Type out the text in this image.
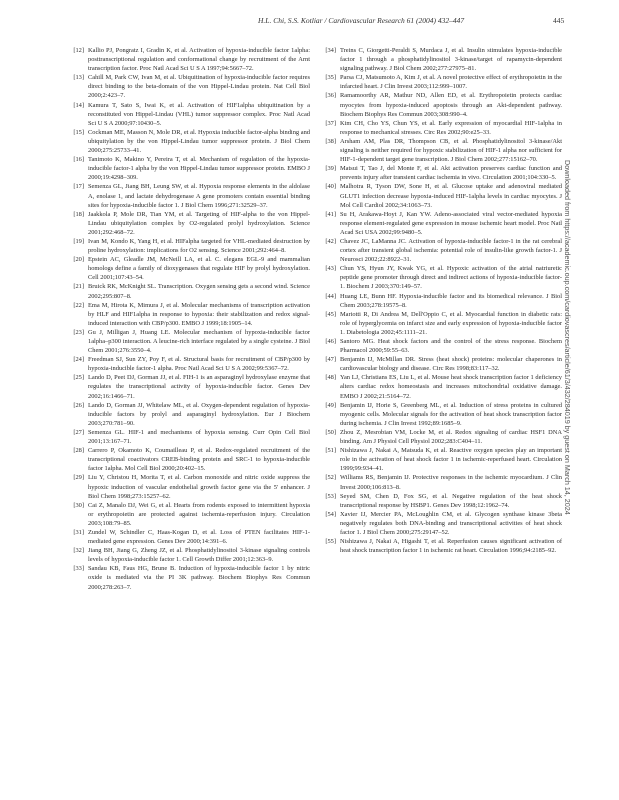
H.L. Chi, S.S. Kotliar / Cardiovascular Research 61 (2004) 432–447	445
[12] Kallio PJ, Pongratz I, Gradin K, et al. Activation of hypoxia-inducible factor 1alpha: posttranscriptional regulation and conformational change by recruitment of the Arnt transcription factor. Proc Natl Acad Sci U S A 1997;94:5667–72.
[13] Cahill M, Park CW, Ivan M, et al. Ubiquitination of hypoxia-inducible factor requires direct binding to the beta-domain of the von Hippel-Lindau protein. Nat Cell Biol 2000;2:423–7.
[14] Kamura T, Sato S, Iwai K, et al. Activation of HIF1alpha ubiquitination by a reconstituted von Hippel-Lindau (VHL) tumor suppressor complex. Proc Natl Acad Sci U S A 2000;97:10430–5.
[15] Cockman ME, Masson N, Mole DR, et al. Hypoxia inducible factor-alpha binding and ubiquitylation by the von Hippel-Lindau tumor suppressor protein. J Biol Chem 2000;275:25733–41.
[16] Tanimoto K, Makino Y, Pereira T, et al. Mechanism of regulation of the hypoxia-inducible factor-1 alpha by the von Hippel-Lindau tumor suppressor protein. EMBO J 2000;19:4298–309.
[17] Semenza GL, Jiang BH, Leung SW, et al. Hypoxia response elements in the aldolase A, enolase 1, and lactate dehydrogenase A gene promoters contain essential binding sites for hypoxia-inducible factor 1. J Biol Chem 1996;271:32529–37.
[18] Jaakkola P, Mole DR, Tian YM, et al. Targeting of HIF-alpha to the von Hippel-Lindau ubiquitylation complex by O2-regulated prolyl hydroxylation. Science 2001;292:468–72.
[19] Ivan M, Kondo K, Yang H, et al. HIFalpha targeted for VHL-mediated destruction by proline hydroxylation: implications for O2 sensing. Science 2001;292:464–8.
[20] Epstein AC, Gleadle JM, McNeill LA, et al. C. elegans EGL-9 and mammalian homologs define a family of dioxygenases that regulate HIF by prolyl hydroxylation. Cell 2001;107:43–54.
[21] Bruick RK, McKnight SL. Transcription. Oxygen sensing gets a second wind. Science 2002;295:807–8.
[22] Ema M, Hirota K, Mimura J, et al. Molecular mechanisms of transcription activation by HLF and HIF1alpha in response to hypoxia: their stabilization and redox signal-induced interaction with CBP/p300. EMBO J 1999;18:1905–14.
[23] Gu J, Milligan J, Huang LE. Molecular mechanism of hypoxia-inducible factor 1alpha–p300 interaction. A leucine-rich interface regulated by a single cysteine. J Biol Chem 2001;276:3550–4.
[24] Freedman SJ, Sun ZY, Poy F, et al. Structural basis for recruitment of CBP/p300 by hypoxia-inducible factor-1 alpha. Proc Natl Acad Sci U S A 2002;99:5367–72.
[25] Lando D, Peet DJ, Gorman JJ, et al. FIH-1 is an asparaginyl hydroxylase enzyme that regulates the transcriptional activity of hypoxia-inducible factor. Genes Dev 2002;16:1466–71.
[26] Lando D, Gorman JJ, Whitelaw ML, et al. Oxygen-dependent regulation of hypoxia-inducible factors by prolyl and asparaginyl hydroxylation. Eur J Biochem 2003;270:781–90.
[27] Semenza GL. HIF-1 and mechanisms of hypoxia sensing. Curr Opin Cell Biol 2001;13:167–71.
[28] Carrero P, Okamoto K, Coumailleau P, et al. Redox-regulated recruitment of the transcriptional coactivators CREB-binding protein and SRC-1 to hypoxia-inducible factor 1alpha. Mol Cell Biol 2000;20:402–15.
[29] Liu Y, Christou H, Morita T, et al. Carbon monoxide and nitric oxide suppress the hypoxic induction of vascular endothelial growth factor gene via the 5' enhancer. J Biol Chem 1998;273:15257–62.
[30] Cai Z, Manalo DJ, Wei G, et al. Hearts from rodents exposed to intermittent hypoxia or erythropoietin are protected against ischemia-reperfusion injury. Circulation 2003;108:79–85.
[31] Zundel W, Schindler C, Haas-Kogan D, et al. Loss of PTEN facilitates HIF-1-mediated gene expression. Genes Dev 2000;14:391–6.
[32] Jiang BH, Jiang G, Zheng JZ, et al. Phosphatidylinositol 3-kinase signaling controls levels of hypoxia-inducible factor 1. Cell Growth Differ 2001;12:363–9.
[33] Sandau KB, Faus HG, Brune B. Induction of hypoxia-inducible factor 1 by nitric oxide is mediated via the PI 3K pathway. Biochem Biophys Res Commun 2000;278:263–7.
[34] Treins C, Giorgetti-Peraldi S, Murdaca J, et al. Insulin stimulates hypoxia-inducible factor 1 through a phosphatidylinositol 3-kinase/target of rapamycin-dependent signaling pathway. J Biol Chem 2002;277:27975–81.
[35] Parsa CJ, Matsumoto A, Kim J, et al. A novel protective effect of erythropoietin in the infarcted heart. J Clin Invest 2003;112:999–1007.
[36] Ramamoorthy AR, Mathur ND, Allen ED, et al. Erythropoietin protects cardiac myocytes from hypoxia-induced apoptosis through an Akt-dependent pathway. Biochem Biophys Res Commun 2003;308:990–4.
[37] Kim CH, Cho YS, Chun YS, et al. Early expression of myocardial HIF-1alpha in response to mechanical stresses. Circ Res 2002;90:e25–33.
[38] Arsham AM, Plas DR, Thompson CB, et al. Phosphatidylinositol 3-kinase/Akt signaling is neither required for hypoxic stabilization of HIF-1 alpha nor sufficient for HIF-1-dependent target gene transcription. J Biol Chem 2002;277:15162–70.
[39] Matsui T, Tao J, del Monte F, et al. Akt activation preserves cardiac function and prevents injury after transient cardiac ischemia in vivo. Circulation 2001;104:330–5.
[40] Malhotra R, Tyson DW, Sone H, et al. Glucose uptake and adenoviral mediated GLUT1 infection decrease hypoxia-induced HIF-1alpha levels in cardiac myocytes. J Mol Cell Cardiol 2002;34:1063–73.
[41] Su H, Arakawa-Hoyt J, Kan YW. Adeno-associated viral vector-mediated hypoxia response element-regulated gene expression in mouse ischemic heart model. Proc Natl Acad Sci USA 2002;99:9480–5.
[42] Chavez JC, LaManna JC. Activation of hypoxia-inducible factor-1 in the rat cerebral cortex after transient global ischemia: potential role of insulin-like growth factor-1. J Neurosci 2002;22:8922–31.
[43] Chun YS, Hyun JY, Kwak YG, et al. Hypoxic activation of the atrial natriuretic peptide gene promoter through direct and indirect actions of hypoxia-inducible factor-1. Biochem J 2003;370:149–57.
[44] Huang LE, Bunn HF. Hypoxia-inducible factor and its biomedical relevance. J Biol Chem 2003;278:19575–8.
[45] Mariotti R, Di Andrea M, Dell'Oppio C, et al. Myocardial function in diabetic rats: role of hyperglycemia on infarct size and early expression of hypoxia-inducible factor 1. Diabetologia 2002;45:1111–21.
[46] Santoro MG. Heat shock factors and the control of the stress response. Biochem Pharmacol 2000;59:55–63.
[47] Benjamin IJ, McMillan DR. Stress (heat shock) proteins: molecular chaperones in cardiovascular biology and disease. Circ Res 1998;83:117–32.
[48] Yan LJ, Christians ES, Liu L, et al. Mouse heat shock transcription factor 1 deficiency alters cardiac redox homeostasis and increases mitochondrial oxidative damage. EMBO J 2002;21:5164–72.
[49] Benjamin IJ, Horie S, Greenberg ML, et al. Induction of stress proteins in cultured myogenic cells. Molecular signals for the activation of heat shock transcription factor during ischemia. J Clin Invest 1992;89:1685–9.
[50] Zhou Z, Mesrobian VM, Locke M, et al. Redox signaling of cardiac HSF1 DNA binding. Am J Physiol Cell Physiol 2002;283:C404–11.
[51] Nishizawa J, Nakai A, Matsuda K, et al. Reactive oxygen species play an important role in the activation of heat shock factor 1 in ischemic-reperfused heart. Circulation 1999;99:934–41.
[52] Williams RS, Benjamin IJ. Protective responses in the ischemic myocardium. J Clin Invest 2000;106:813–8.
[53] Seyed SM, Chen D, Fox SG, et al. Negative regulation of the heat shock transcriptional response by HSBP1. Genes Dev 1998;12:1962–74.
[54] Xavier IJ, Mercier PA, McLoughlin CM, et al. Glycogen synthase kinase 3beta negatively regulates both DNA-binding and transcriptional activities of heat shock factor 1. J Biol Chem 2000;275:29147–52.
[55] Nishizawa J, Nakai A, Higashi T, et al. Reperfusion causes significant activation of heat shock transcription factor 1 in ischemic rat heart. Circulation 1996;94:2185–92.
Downloaded from https://academic.oup.com/cardiovascres/article/61/3/432/284019 by guest on March 14, 2024
